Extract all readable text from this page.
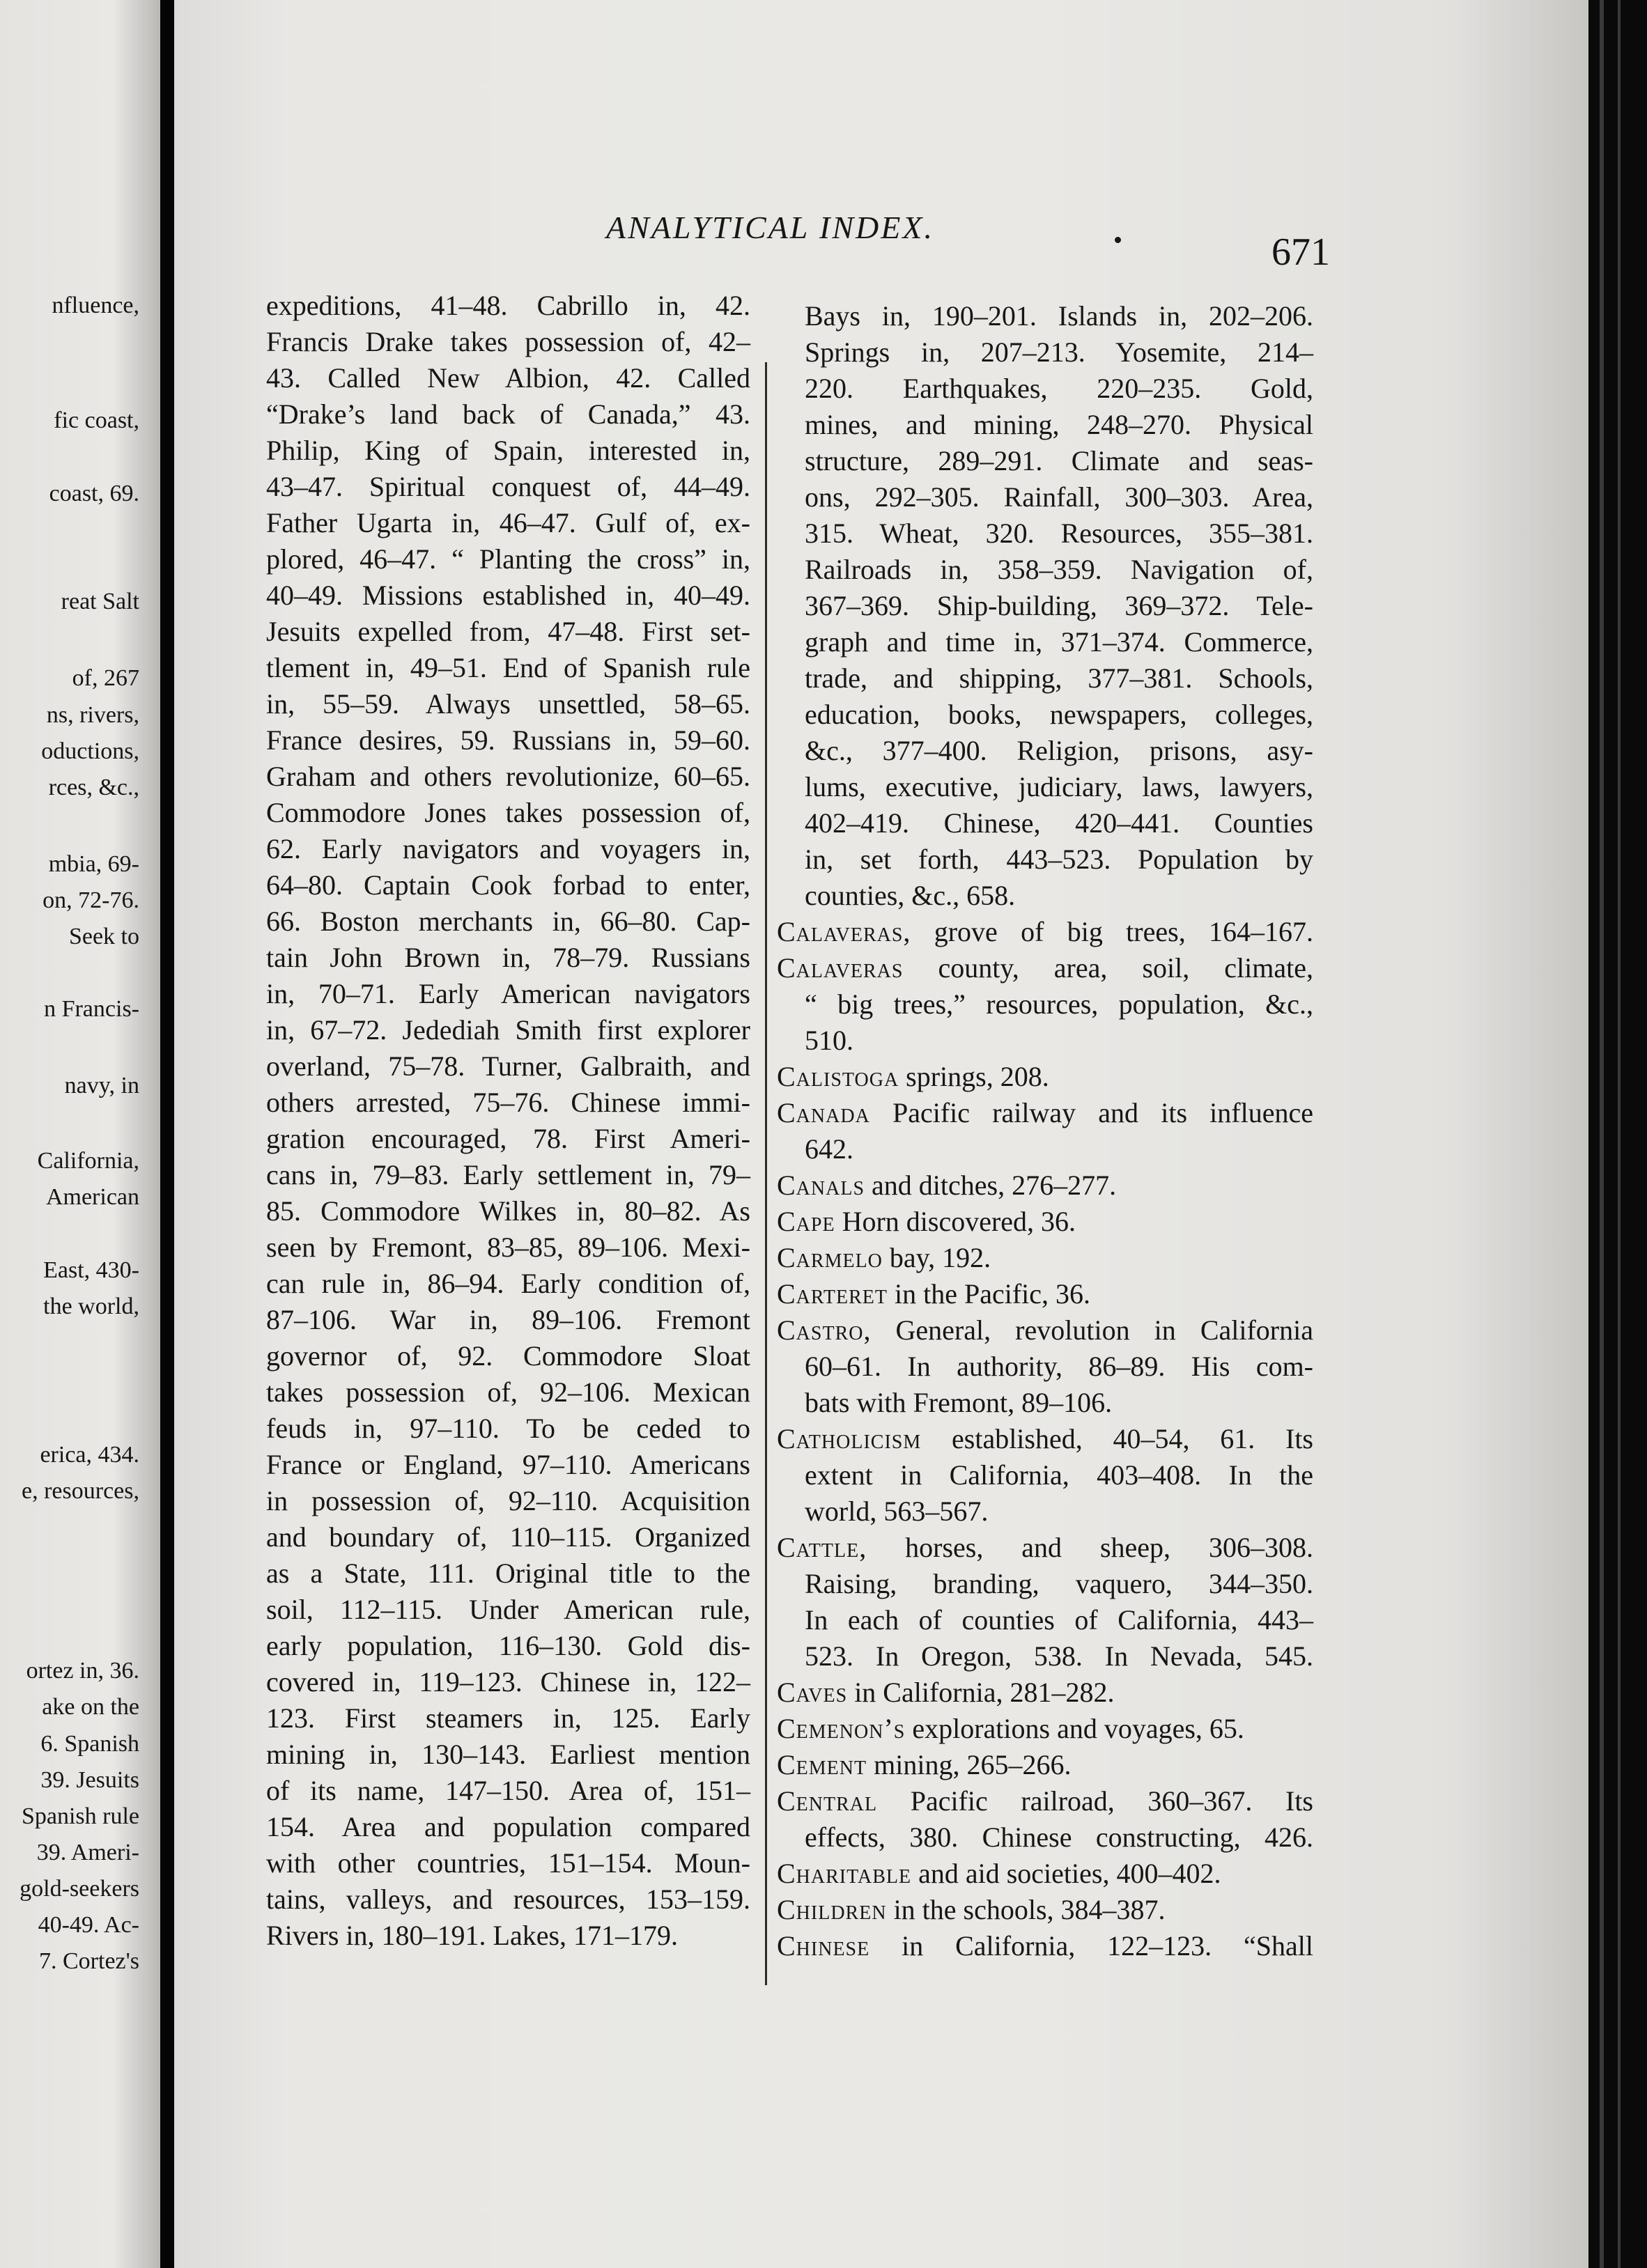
nfluence,
fic coast,
coast, 69.
reat Salt
of, 267
ns, rivers,
oductions,
rces, &c.,
mbia, 69-
on, 72-76.
Seek to
n Francis-
navy, in
California,
American
East, 430-
the world,
erica, 434.
e, resources,
ortez in, 36.
ake on the
6. Spanish
39. Jesuits
Spanish rule
39. Ameri-
gold-seekers
40-49. Ac-
7. Cortez's
ANALYTICAL INDEX.
671
expeditions, 41–48. Cabrillo in, 42.
Francis Drake takes possession of, 42–
43. Called New Albion, 42. Called
“Drake’s land back of Canada,” 43.
Philip, King of Spain, interested in,
43–47. Spiritual conquest of, 44–49.
Father Ugarta in, 46–47. Gulf of, ex-
plored, 46–47. “ Planting the cross” in,
40–49. Missions established in, 40–49.
Jesuits expelled from, 47–48. First set-
tlement in, 49–51. End of Spanish rule
in, 55–59. Always unsettled, 58–65.
France desires, 59. Russians in, 59–60.
Graham and others revolutionize, 60–65.
Commodore Jones takes possession of,
62. Early navigators and voyagers in,
64–80. Captain Cook forbad to enter,
66. Boston merchants in, 66–80. Cap-
tain John Brown in, 78–79. Russians
in, 70–71. Early American navigators
in, 67–72. Jedediah Smith first explorer
overland, 75–78. Turner, Galbraith, and
others arrested, 75–76. Chinese immi-
gration encouraged, 78. First Ameri-
cans in, 79–83. Early settlement in, 79–
85. Commodore Wilkes in, 80–82. As
seen by Fremont, 83–85, 89–106. Mexi-
can rule in, 86–94. Early condition of,
87–106. War in, 89–106. Fremont
governor of, 92. Commodore Sloat
takes possession of, 92–106. Mexican
feuds in, 97–110. To be ceded to
France or England, 97–110. Americans
in possession of, 92–110. Acquisition
and boundary of, 110–115. Organized
as a State, 111. Original title to the
soil, 112–115. Under American rule,
early population, 116–130. Gold dis-
covered in, 119–123. Chinese in, 122–
123. First steamers in, 125. Early
mining in, 130–143. Earliest mention
of its name, 147–150. Area of, 151–
154. Area and population compared
with other countries, 151–154. Moun-
tains, valleys, and resources, 153–159.
Rivers in, 180–191. Lakes, 171–179.
Bays in, 190–201. Islands in, 202–206.
Springs in, 207–213. Yosemite, 214–
220. Earthquakes, 220–235. Gold,
mines, and mining, 248–270. Physical
structure, 289–291. Climate and seas-
ons, 292–305. Rainfall, 300–303. Area,
315. Wheat, 320. Resources, 355–381.
Railroads in, 358–359. Navigation of,
367–369. Ship-building, 369–372. Tele-
graph and time in, 371–374. Commerce,
trade, and shipping, 377–381. Schools,
education, books, newspapers, colleges,
&c., 377–400. Religion, prisons, asy-
lums, executive, judiciary, laws, lawyers,
402–419. Chinese, 420–441. Counties
in, set forth, 443–523. Population by
counties, &c., 658.
Calaveras, grove of big trees, 164–167.
Calaveras county, area, soil, climate,
“ big trees,” resources, population, &c.,
510.
Calistoga springs, 208.
Canada Pacific railway and its influence
642.
Canals and ditches, 276–277.
Cape Horn discovered, 36.
Carmelo bay, 192.
Carteret in the Pacific, 36.
Castro, General, revolution in California
60–61. In authority, 86–89. His com-
bats with Fremont, 89–106.
Catholicism established, 40–54, 61. Its
extent in California, 403–408. In the
world, 563–567.
Cattle, horses, and sheep, 306–308.
Raising, branding, vaquero, 344–350.
In each of counties of California, 443–
523. In Oregon, 538. In Nevada, 545.
Caves in California, 281–282.
Cemenon’s explorations and voyages, 65.
Cement mining, 265–266.
Central Pacific railroad, 360–367. Its
effects, 380. Chinese constructing, 426.
Charitable and aid societies, 400–402.
Children in the schools, 384–387.
Chinese in California, 122–123. “Shall
